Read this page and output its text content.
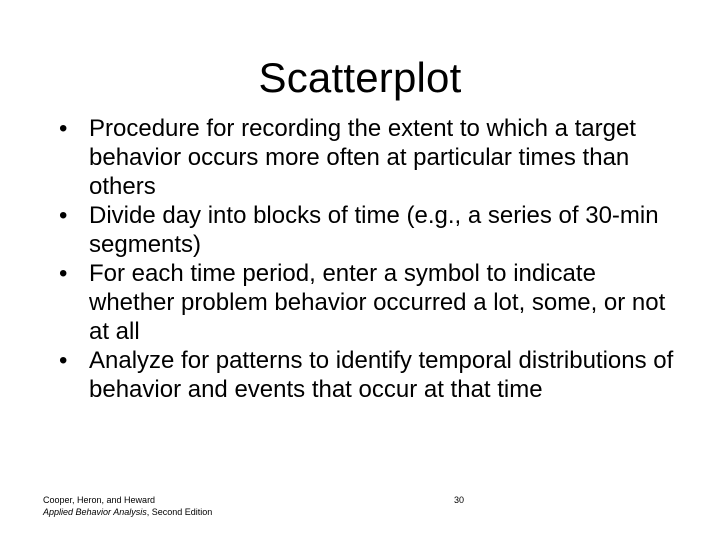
Scatterplot
• Procedure for recording the extent to which a target behavior occurs more often at particular times than others
• Divide day into blocks of time (e.g., a series of 30-min segments)
• For each time period, enter a symbol to indicate whether problem behavior occurred a lot, some, or not at all
• Analyze for patterns to identify temporal distributions of behavior and events that occur at that time
Cooper, Heron, and Heward
Applied Behavior Analysis, Second Edition
30
